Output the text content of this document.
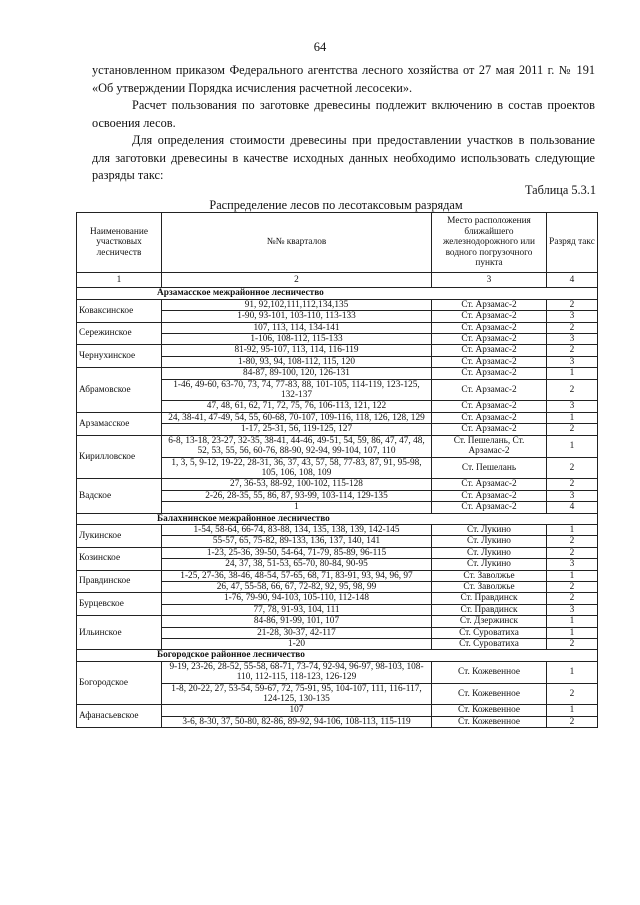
64

установленном приказом Федерального агентства лесного хозяйства от 27 мая 2011 г. № 191 «Об утверждении Порядка исчисления расчетной лесосеки».

Расчет пользования по заготовке древесины подлежит включению в состав проектов освоения лесов.

Для определения стоимости древесины при предоставлении участков в пользование для заготовки древесины в качестве исходных данных необходимо использовать следующие разряды такс:

Таблица 5.3.1
Распределение лесов по лесотаксовым разрядам
Наименование участковых лесничеств	№№ кварталов	Место расположения ближайшего железнодорожного или водного погрузочного пункта	Разряд такс
1	2	3	4
Арзамасское межрайонное лесничество			
Коваксинское	91, 92,102,111,112,134,135	Ст. Арзамас-2	2
	1-90, 93-101, 103-110, 113-133	Ст. Арзамас-2	3
Сережинское	107, 113, 114, 134-141	Ст. Арзамас-2	2
	1-106, 108-112, 115-133	Ст. Арзамас-2	3
Чернухинское	81-92, 95-107, 113, 114, 116-119	Ст. Арзамас-2	2
	1-80, 93, 94, 108-112, 115, 120	Ст. Арзамас-2	3
Абрамовское	84-87, 89-100, 120, 126-131	Ст. Арзамас-2	1
	1-46, 49-60, 63-70, 73, 74, 77-83, 88, 101-105, 114-119, 123-125, 132-137	Ст. Арзамас-2	2
	47, 48, 61, 62, 71, 72, 75, 76, 106-113, 121, 122	Ст. Арзамас-2	3
Арзамасское	24, 38-41, 47-49, 54, 55, 60-68, 70-107, 109-116, 118, 126, 128, 129	Ст. Арзамас-2	1
	1-17, 25-31, 56, 119-125, 127	Ст. Арзамас-2	2
Кирилловское	6-8, 13-18, 23-27, 32-35, 38-41, 44-46, 49-51, 54, 59, 86, 47, 47, 48, 52, 53, 55, 56, 60-76, 88-90, 92-94, 99-104, 107, 110	Ст. Пешелань, Ст. Арзамас-2	1
	1, 3, 5, 9-12, 19-22, 28-31, 36, 37, 43, 57, 58, 77-83, 87, 91, 95-98, 105, 106, 108, 109	Ст. Пешелань	2
Вадское	27, 36-53, 88-92, 100-102, 115-128	Ст. Арзамас-2	2
	2-26, 28-35, 55, 86, 87, 93-99, 103-114, 129-135	Ст. Арзамас-2	3
	1	Ст. Арзамас-2	4
Балахнинское межрайонное лесничество			
Лукинское	1-54, 58-64, 66-74, 83-88, 134, 135, 138, 139, 142-145	Ст. Лукино	1
	55-57, 65, 75-82, 89-133, 136, 137, 140, 141	Ст. Лукино	2
Козинское	1-23, 25-36, 39-50, 54-64, 71-79, 85-89, 96-115	Ст. Лукино	2
	24, 37, 38, 51-53, 65-70, 80-84, 90-95	Ст. Лукино	3
Правдинское	1-25, 27-36, 38-46, 48-54, 57-65, 68, 71, 83-91, 93, 94, 96, 97	Ст. Заволжье	1
	26, 47, 55-58, 66, 67, 72-82, 92, 95, 98, 99	Ст. Заволжье	2
Бурцевское	1-76, 79-90, 94-103, 105-110, 112-148	Ст. Правдинск	2
	77, 78, 91-93, 104, 111	Ст. Правдинск	3
Ильинское	84-86, 91-99, 101, 107	Ст. Дзержинск	1
	21-28, 30-37, 42-117	Ст. Суроватиха	1
	1-20	Ст. Суроватиха	2
Богородское районное лесничество			
Богородское	9-19, 23-26, 28-52, 55-58, 68-71, 73-74, 92-94, 96-97, 98-103, 108-110, 112-115, 118-123, 126-129	Ст. Кожевенное	1
	1-8, 20-22, 27, 53-54, 59-67, 72, 75-91, 95, 104-107, 111, 116-117, 124-125, 130-135	Ст. Кожевенное	2
Афанасьевское	107	Ст. Кожевенное	1
	3-6, 8-30, 37, 50-80, 82-86, 89-92, 94-106, 108-113, 115-119	Ст. Кожевенное	2
